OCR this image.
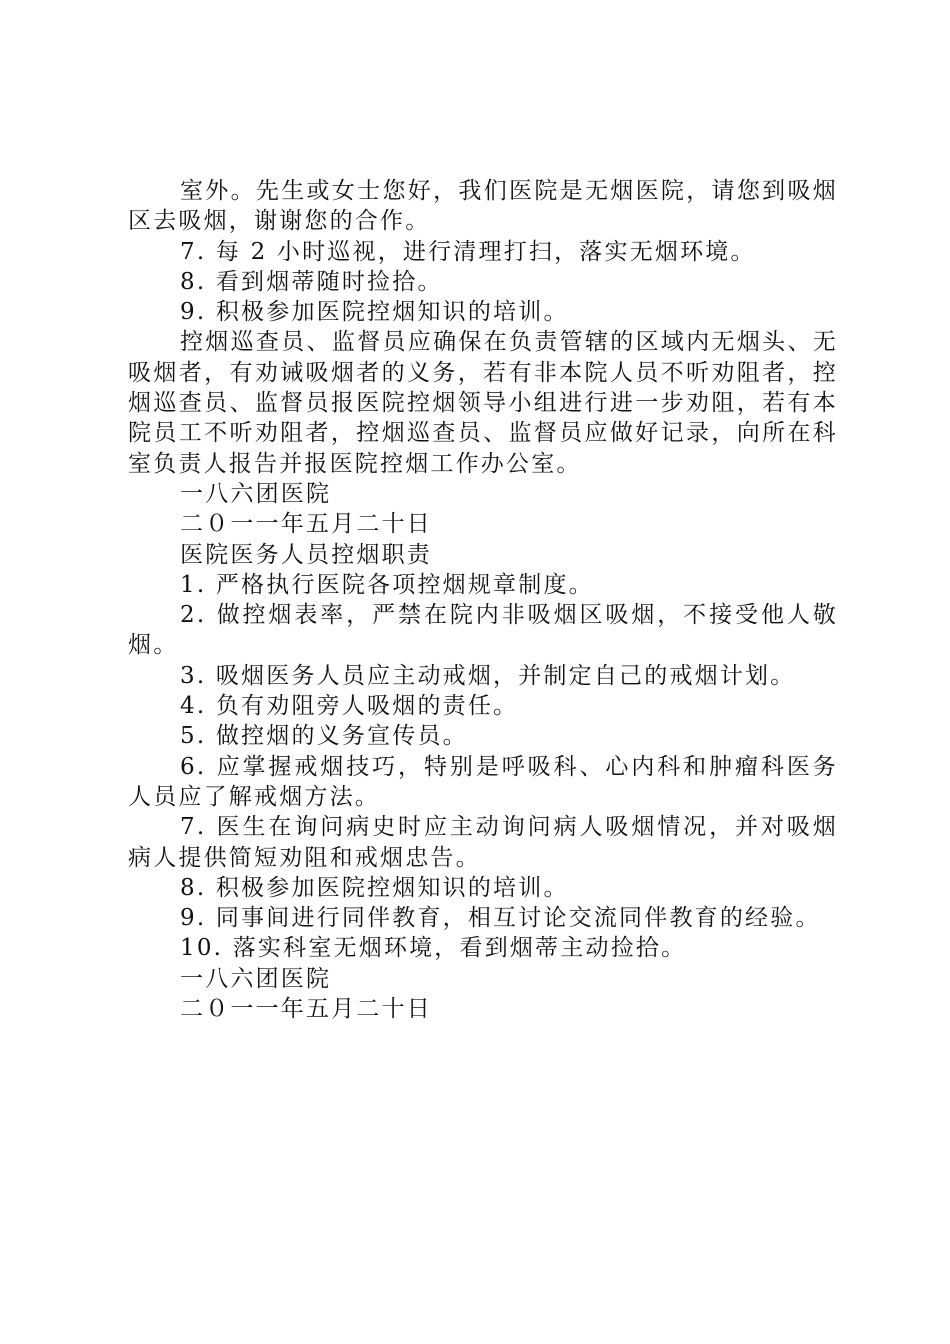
室外。先生或女士您好，我们医院是无烟医院，请您到吸烟区去吸烟，谢谢您的合作。

7. 每 2 小时巡视，进行清理打扫，落实无烟环境。

8. 看到烟蒂随时捡拾。

9. 积极参加医院控烟知识的培训。

控烟巡查员、监督员应确保在负责管辖的区域内无烟头、无吸烟者，有劝诫吸烟者的义务，若有非本院人员不听劝阻者，控烟巡查员、监督员报医院控烟领导小组进行进一步劝阻，若有本院员工不听劝阻者，控烟巡查员、监督员应做好记录，向所在科室负责人报告并报医院控烟工作办公室。

一八六团医院

二０一一年五月二十日

医院医务人员控烟职责

1. 严格执行医院各项控烟规章制度。

2. 做控烟表率，严禁在院内非吸烟区吸烟，不接受他人敬烟。

3. 吸烟医务人员应主动戒烟，并制定自己的戒烟计划。

4. 负有劝阻旁人吸烟的责任。

5. 做控烟的义务宣传员。

6. 应掌握戒烟技巧，特别是呼吸科、心内科和肿瘤科医务人员应了解戒烟方法。

7. 医生在询问病史时应主动询问病人吸烟情况，并对吸烟病人提供简短劝阻和戒烟忠告。

8. 积极参加医院控烟知识的培训。

9. 同事间进行同伴教育，相互讨论交流同伴教育的经验。

10. 落实科室无烟环境，看到烟蒂主动捡拾。

一八六团医院

二０一一年五月二十日
